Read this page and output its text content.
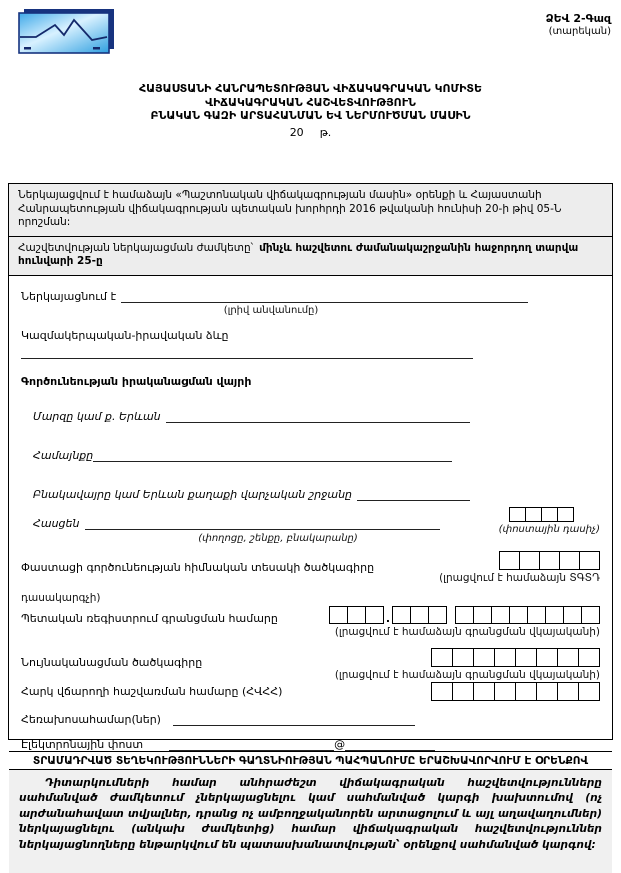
ՁԵՎ 2-Գազ
(տարեկան)
ՀԱՅԱՍՏԱՆԻ ՀԱՆՐԱՊԵՏՈՒԹՅԱՆ ՎԻՃԱԿԱԳՐԱԿԱՆ ԿՈՄԻՏԵ
ՎԻՃԱԿԱԳՐԱԿԱՆ ՀԱՇՎԵՏՎՈՒԹՅՈՒՆ
ԲՆԱԿԱՆ ԳԱԶԻ ԱՐՏԱՀԱՆՄԱՆ ԵՎ ՆԵՐՄՈՒԾՄԱՆ ՄԱՍԻՆ
20 թ.
Ներկայացվում է համաձայն «Պաշտոնական վիճակագրության մասին» օրենքի և Հայաստանի Հանրապետության վիճակագրության պետական խորհրդի 2016 թվականի հունիսի 20-ի թիվ 05-Ն որոշման:
Հաշվետվության ներկայացման ժամկետը՝ մինչև հաշվետու ժամանակաշրջանին հաջորդող տարվա հունվարի 25-ը
Ներկայացնում է
(լրիվ անվանումը)
Կազմակերպական-իրավական ձևը
Գործունեության իրականացման վայրի
Մարզը կամ ք. Երևան
Համայնքը
Բնակավայրը կամ Երևան քաղաքի վարչական շրջանը
Հասցեն
(փողոցը, շենքը, բնակարանը)
(փոստային դասիչ)
Փաստացի գործունեության հիմնական տեսակի ծածկագիրը
(լրացվում է համաձայն ՏԳՏԴ
դասակարգչի)
Պետական ռեգիստրում գրանցման համարը	.
(լրացվում է համաձայն գրանցման վկայականի)
Նույնականացման ծածկագիրը
(լրացվում է համաձայն գրանցման վկայականի)
Հարկ վճարողի հաշվառման համարը (ՀՎՀՀ)
Հեռախոսահամար(ներ)
Էլեկտրոնային փոստ	@
ՏՐԱՄԱԴՐՎԱԾ ՏԵՂԵԿՈՒԹՅՈՒՆՆԵՐԻ ԳԱՂՏՆԻՈՒԹՅԱՆ ՊԱՀՊԱՆՈՒՄԸ ԵՐԱՇԽԱՎՈՐՎՈՒՄ Է ՕՐԵՆՔՈՎ

Դիտարկումների համար անհրաժեշտ վիճակագրական հաշվետվությունները սահմանված ժամկետում չներկայացնելու կամ սահմանված կարգի խախտումով (ոչ արժանահավատ տվյալներ, դրանց ոչ ամբողջականորեն արտացոլում և այլ աղավաղումներ) ներկայացնելու (անկախ ժամկետից) համար վիճակագրական հաշվետվություններ ներկայացնողները ենթարկվում են պատասխանատվության՝ օրենքով սահմանված կարգով:
